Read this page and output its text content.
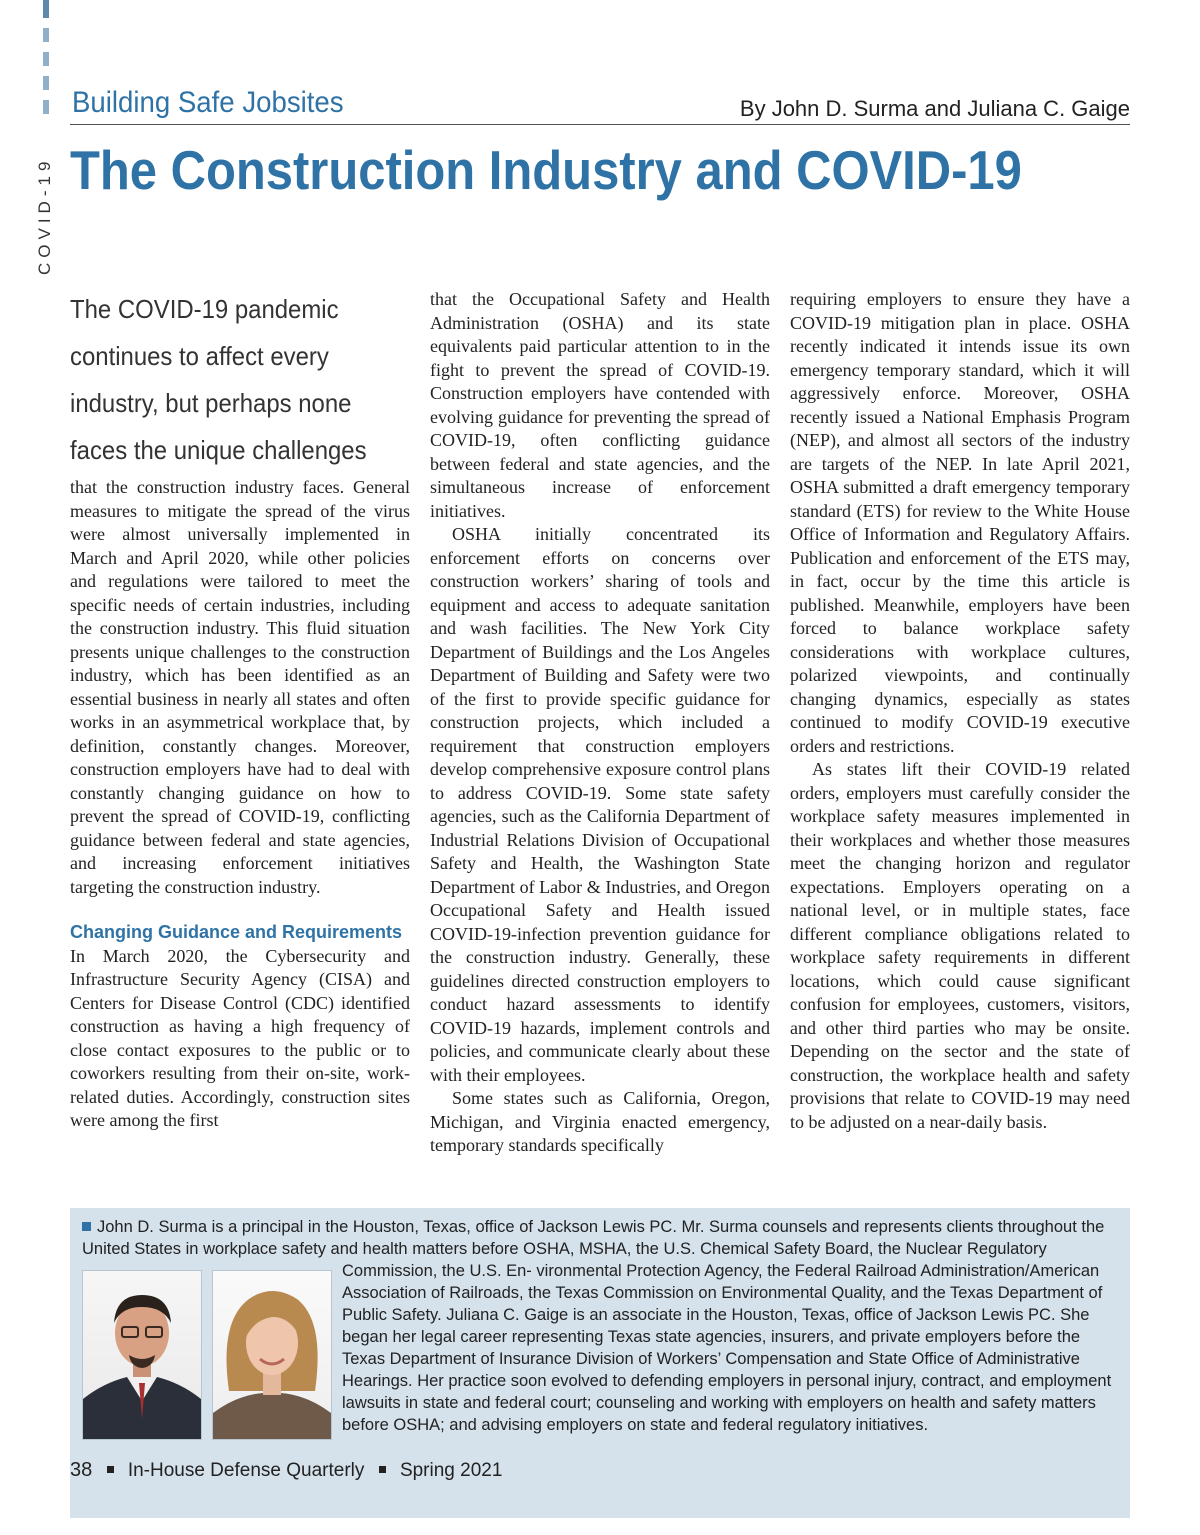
COVID-19
Building Safe Jobsites	By John D. Surma and Juliana C. Gaige
The Construction Industry and COVID-19
The COVID-19 pandemic continues to affect every industry, but perhaps none faces the unique challenges

that the construction industry faces. General measures to mitigate the spread of the virus were almost universally implemented in March and April 2020, while other policies and regulations were tailored to meet the specific needs of certain industries, including the construction industry. This fluid situation presents unique challenges to the construction industry, which has been identified as an essential business in nearly all states and often works in an asymmetrical workplace that, by definition, constantly changes. Moreover, construction employers have had to deal with constantly changing guidance on how to prevent the spread of COVID-19, conflicting guidance between federal and state agencies, and increasing enforcement initiatives targeting the construction industry.

Changing Guidance and Requirements

In March 2020, the Cybersecurity and Infrastructure Security Agency (CISA) and Centers for Disease Control (CDC) identified construction as having a high frequency of close contact exposures to the public or to coworkers resulting from their on-site, work-related duties. Accordingly, construction sites were among the first

that the Occupational Safety and Health Administration (OSHA) and its state equivalents paid particular attention to in the fight to prevent the spread of COVID-19. Construction employers have contended with evolving guidance for preventing the spread of COVID-19, often conflicting guidance between federal and state agencies, and the simultaneous increase of enforcement initiatives.

OSHA initially concentrated its enforcement efforts on concerns over construction workers’ sharing of tools and equipment and access to adequate sanitation and wash facilities. The New York City Department of Buildings and the Los Angeles Department of Building and Safety were two of the first to provide specific guidance for construction projects, which included a requirement that construction employers develop comprehensive exposure control plans to address COVID-19. Some state safety agencies, such as the California Department of Industrial Relations Division of Occupational Safety and Health, the Washington State Department of Labor & Industries, and Oregon Occupational Safety and Health issued COVID-19-infection prevention guidance for the construction industry. Generally, these guidelines directed construction employers to conduct hazard assessments to identify COVID-19 hazards, implement controls and policies, and communicate clearly about these with their employees.

Some states such as California, Oregon, Michigan, and Virginia enacted emergency, temporary standards specifically

requiring employers to ensure they have a COVID-19 mitigation plan in place. OSHA recently indicated it intends issue its own emergency temporary standard, which it will aggressively enforce. Moreover, OSHA recently issued a National Emphasis Program (NEP), and almost all sectors of the industry are targets of the NEP. In late April 2021, OSHA submitted a draft emergency temporary standard (ETS) for review to the White House Office of Information and Regulatory Affairs. Publication and enforcement of the ETS may, in fact, occur by the time this article is published. Meanwhile, employers have been forced to balance workplace safety considerations with workplace cultures, polarized viewpoints, and continually changing dynamics, especially as states continued to modify COVID-19 executive orders and restrictions.

As states lift their COVID-19 related orders, employers must carefully consider the workplace safety measures implemented in their workplaces and whether those measures meet the changing horizon and regulator expectations. Employers operating on a national level, or in multiple states, face different compliance obligations related to workplace safety requirements in different locations, which could cause significant confusion for employees, customers, visitors, and other third parties who may be onsite. Depending on the sector and the state of construction, the workplace health and safety provisions that relate to COVID-19 may need to be adjusted on a near-daily basis.

John D. Surma is a principal in the Houston, Texas, office of Jackson Lewis PC. Mr. Surma counsels and represents clients throughout the United States in workplace safety and health matters before OSHA, MSHA, the U.S. Chemical Safety Board, the Nuclear Regulatory Commission, the U.S. En- vironmental Protection Agency, the Federal Railroad Administration/American Association of Railroads, the Texas Commission on Environmental Quality, and the Texas Department of Public Safety. Juliana C. Gaige is an associate in the Houston, Texas, office of Jackson Lewis PC. She began her legal career representing Texas state agencies, insurers, and private employers before the Texas Department of Insurance Division of Workers’ Compensation and State Office of Administrative Hearings. Her practice soon evolved to defending employers in personal injury, contract, and employment lawsuits in state and federal court; counseling and working with employers on health and safety matters before OSHA; and advising employers on state and federal regulatory initiatives.
38 In-House Defense Quarterly Spring 2021
